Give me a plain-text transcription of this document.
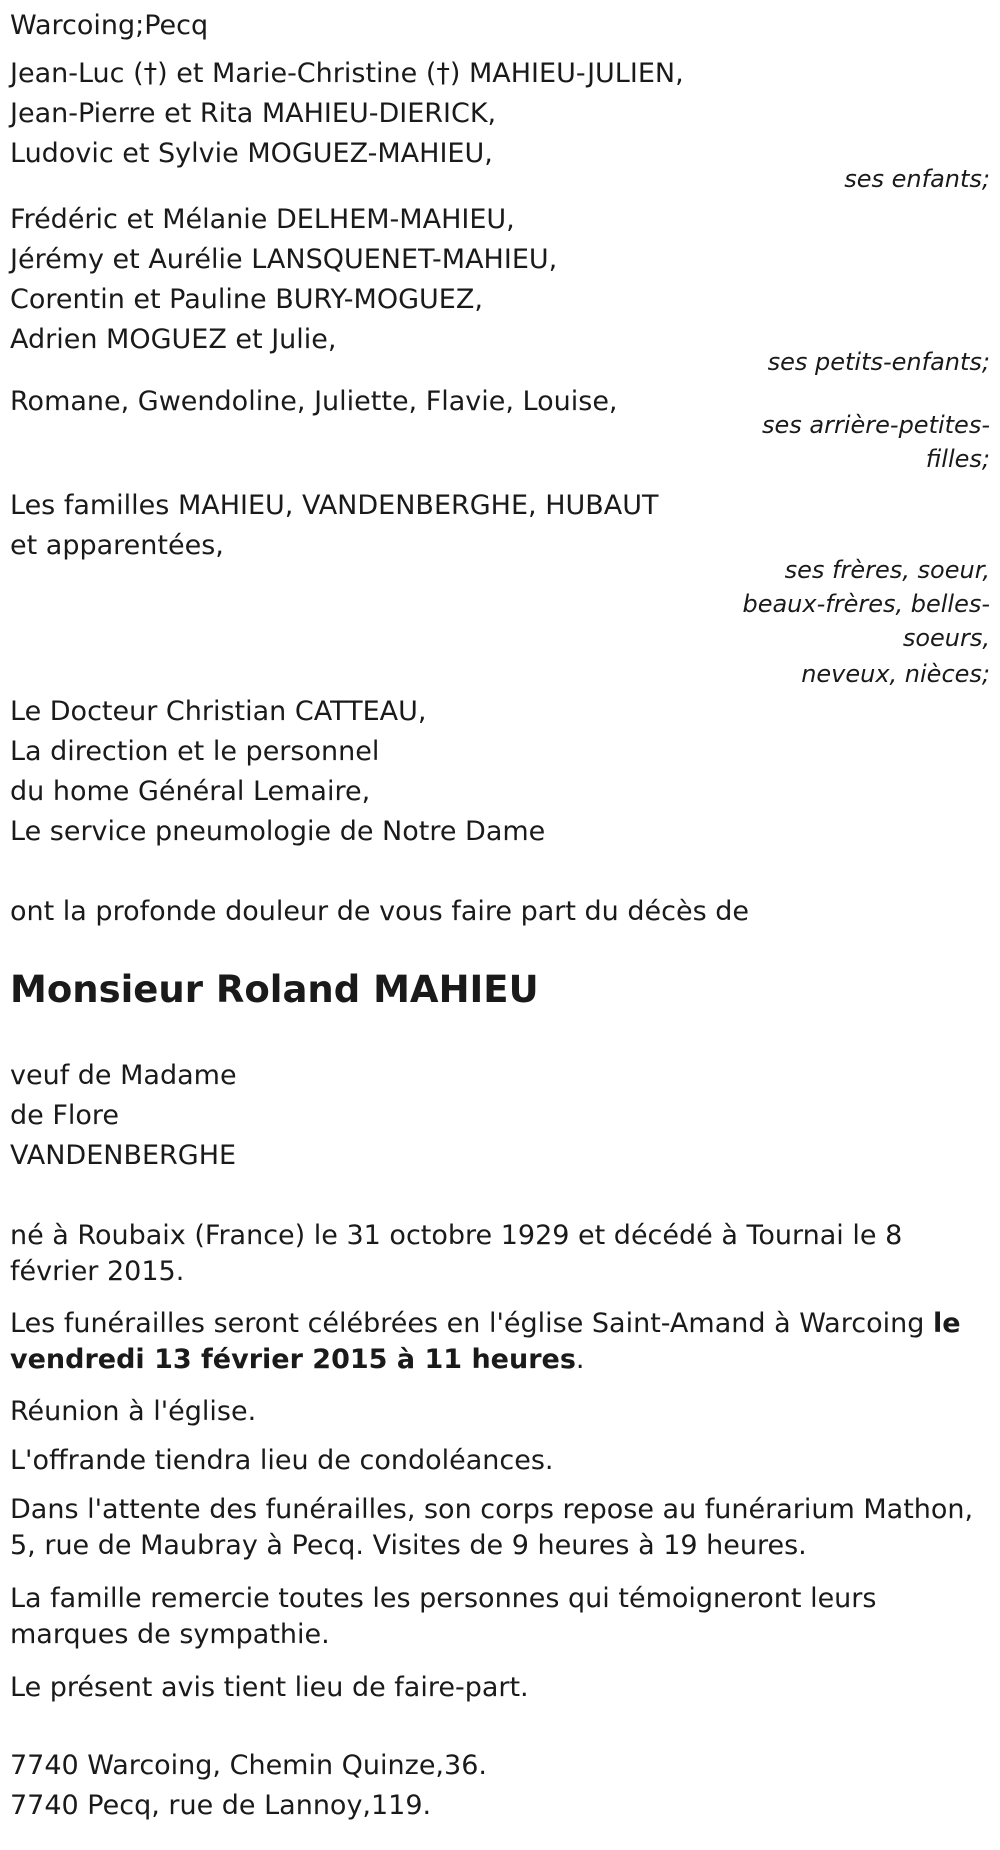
Warcoing;Pecq
Jean-Luc (†) et Marie-Christine (†) MAHIEU-JULIEN,
Jean-Pierre et Rita MAHIEU-DIERICK,
Ludovic et Sylvie MOGUEZ-MAHIEU,
ses enfants;
Frédéric et Mélanie DELHEM-MAHIEU,
Jérémy et Aurélie LANSQUENET-MAHIEU,
Corentin et Pauline BURY-MOGUEZ,
Adrien MOGUEZ et Julie,
ses petits-enfants;
Romane, Gwendoline, Juliette, Flavie, Louise,
ses arrière-petites-filles;
Les familles MAHIEU, VANDENBERGHE, HUBAUT
et apparentées,
ses frères, soeur, beaux-frères, belles-soeurs,
neveux, nièces;
Le Docteur Christian CATTEAU,
La direction et le personnel
du home Général Lemaire,
Le service pneumologie de Notre Dame
ont la profonde douleur de vous faire part du décès de
Monsieur Roland MAHIEU
veuf de Madame
de Flore
VANDENBERGHE
né à Roubaix (France) le 31 octobre 1929 et décédé à Tournai le 8 février 2015.
Les funérailles seront célébrées en l'église Saint-Amand à Warcoing le vendredi 13 février 2015 à 11 heures.
Réunion à l'église.
L'offrande tiendra lieu de condoléances.
Dans l'attente des funérailles, son corps repose au funérarium Mathon, 5, rue de Maubray à Pecq. Visites de 9 heures à 19 heures.
La famille remercie toutes les personnes qui témoigneront leurs marques de sympathie.
Le présent avis tient lieu de faire-part.
7740 Warcoing, Chemin Quinze,36.
7740 Pecq, rue de Lannoy,119.
